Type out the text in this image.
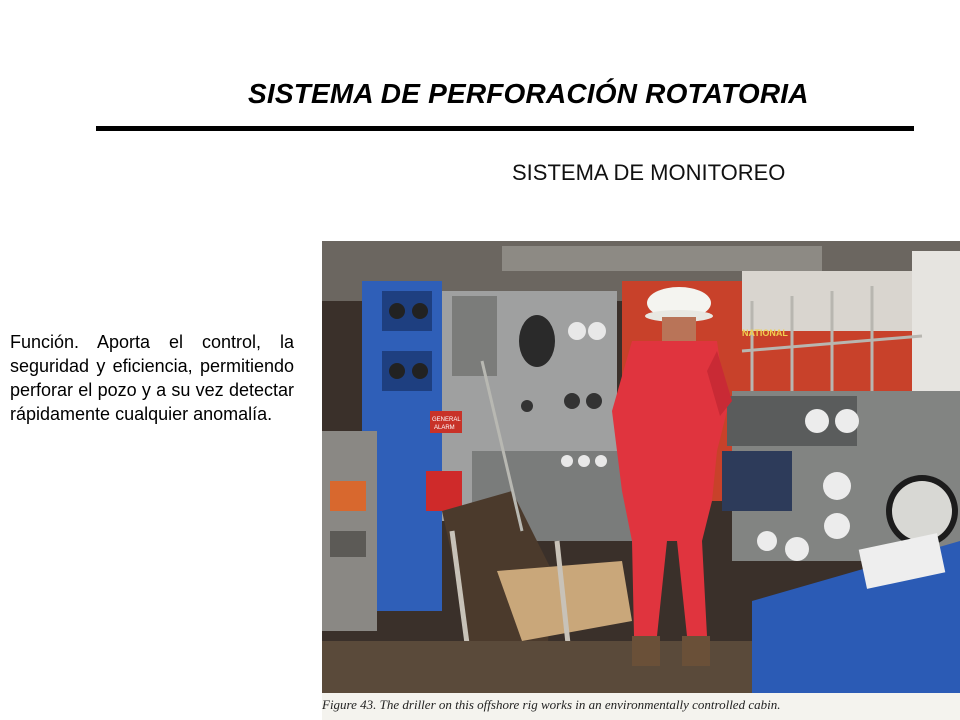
SISTEMA DE PERFORACIÓN ROTATORIA
SISTEMA DE MONITOREO
Función. Aporta el control, la seguridad y eficiencia, permitiendo perforar el pozo y a su vez detectar rápidamente cualquier anomalía.	GENERAL
ALARM
NATIONAL
Figure 43. The driller on this offshore rig works in an environmentally controlled cabin.
